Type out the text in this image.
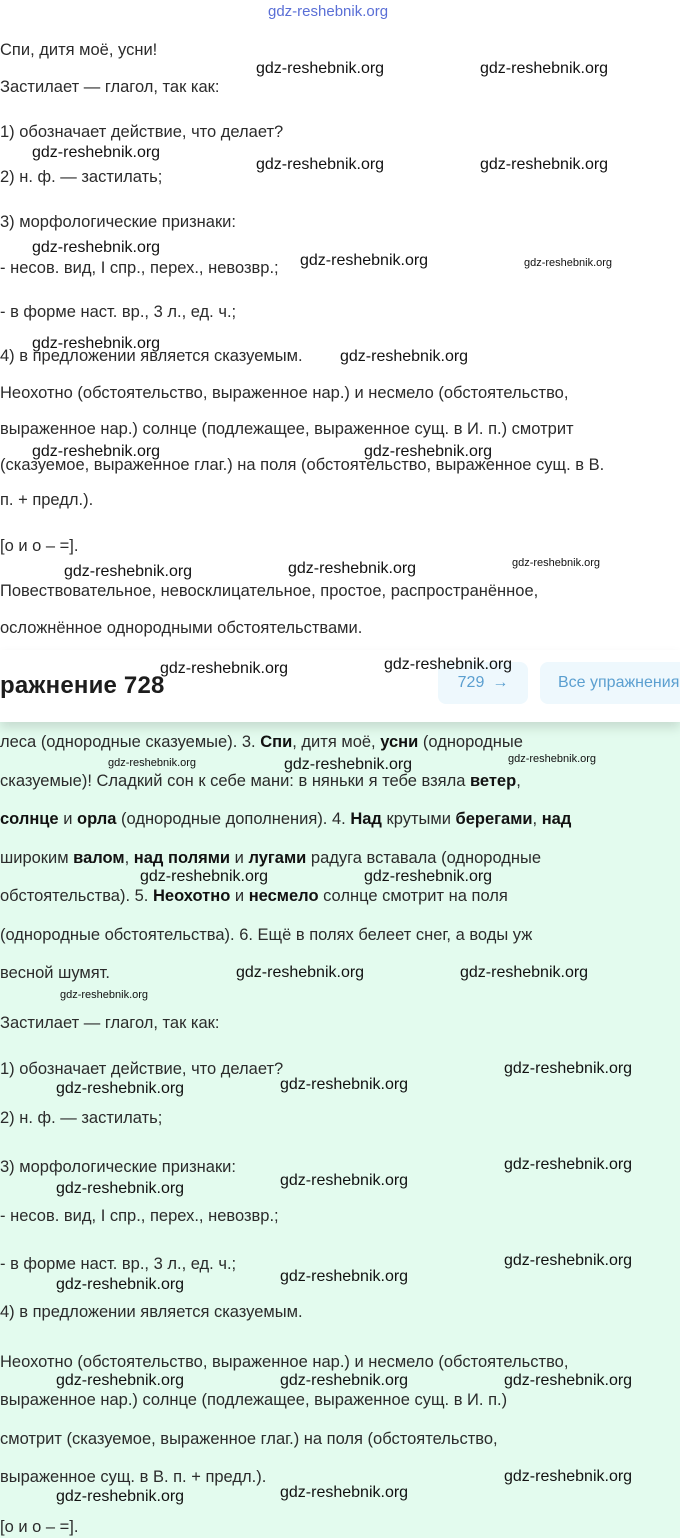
gdz-reshebnik.org
Спи, дитя моё, усни!
Застилает — глагол, так как:
1) обозначает действие, что делает?
2) н. ф. — застилать;
3) морфологические признаки:
- несов. вид, I спр., перех., невозвр.;
- в форме наст. вр., 3 л., ед. ч.;
4) в предложении является сказуемым.
Неохотно (обстоятельство, выраженное нар.) и несмело (обстоятельство,
выраженное нар.) солнце (подлежащее, выраженное сущ. в И. п.) смотрит
(сказуемое, выраженное глаг.) на поля (обстоятельство, выраженное сущ. в В.
п. + предл.).
[о и о – =].
Повествовательное, невосклицательное, простое, распространённое,
осложнённое однородными обстоятельствами.
ражнение 728	729 →	Все упражнения
леса (однородные сказуемые). 3. Спи, дитя моё, усни (однородные
сказуемые)! Сладкий сон к себе мани: в няньки я тебе взяла ветер,
солнце и орла (однородные дополнения). 4. Над крутыми берегами, над
широким валом, над полями и лугами радуга вставала (однородные
обстоятельства). 5. Неохотно и несмело солнце смотрит на поля
(однородные обстоятельства). 6. Ещё в полях белеет снег, а воды уж
весной шумят.
Застилает — глагол, так как:
1) обозначает действие, что делает?
2) н. ф. — застилать;
3) морфологические признаки:
- несов. вид, I спр., перех., невозвр.;
- в форме наст. вр., 3 л., ед. ч.;
4) в предложении является сказуемым.
Неохотно (обстоятельство, выраженное нар.) и несмело (обстоятельство,
выраженное нар.) солнце (подлежащее, выраженное сущ. в И. п.)
смотрит (сказуемое, выраженное глаг.) на поля (обстоятельство,
выраженное сущ. в В. п. + предл.).
[о и о – =].
gdz-reshebnik.org	gdz-reshebnik.org
gdz-reshebnik.org
gdz-reshebnik.org	gdz-reshebnik.org
gdz-reshebnik.org
gdz-reshebnik.org	gdz-reshebnik.org
gdz-reshebnik.org
gdz-reshebnik.org
gdz-reshebnik.org	gdz-reshebnik.org
gdz-reshebnik.org
gdz-reshebnik.org	gdz-reshebnik.org
gdz-reshebnik.org
gdz-reshebnik.org
gdz-reshebnik.org	gdz-reshebnik.org	gdz-reshebnik.org
gdz-reshebnik.org	gdz-reshebnik.org
gdz-reshebnik.org	gdz-reshebnik.org
gdz-reshebnik.org
gdz-reshebnik.org
gdz-reshebnik.org
gdz-reshebnik.org
gdz-reshebnik.org
gdz-reshebnik.org
gdz-reshebnik.org
gdz-reshebnik.org
gdz-reshebnik.org
gdz-reshebnik.org
gdz-reshebnik.org	gdz-reshebnik.org	gdz-reshebnik.org
gdz-reshebnik.org
gdz-reshebnik.org
gdz-reshebnik.org
